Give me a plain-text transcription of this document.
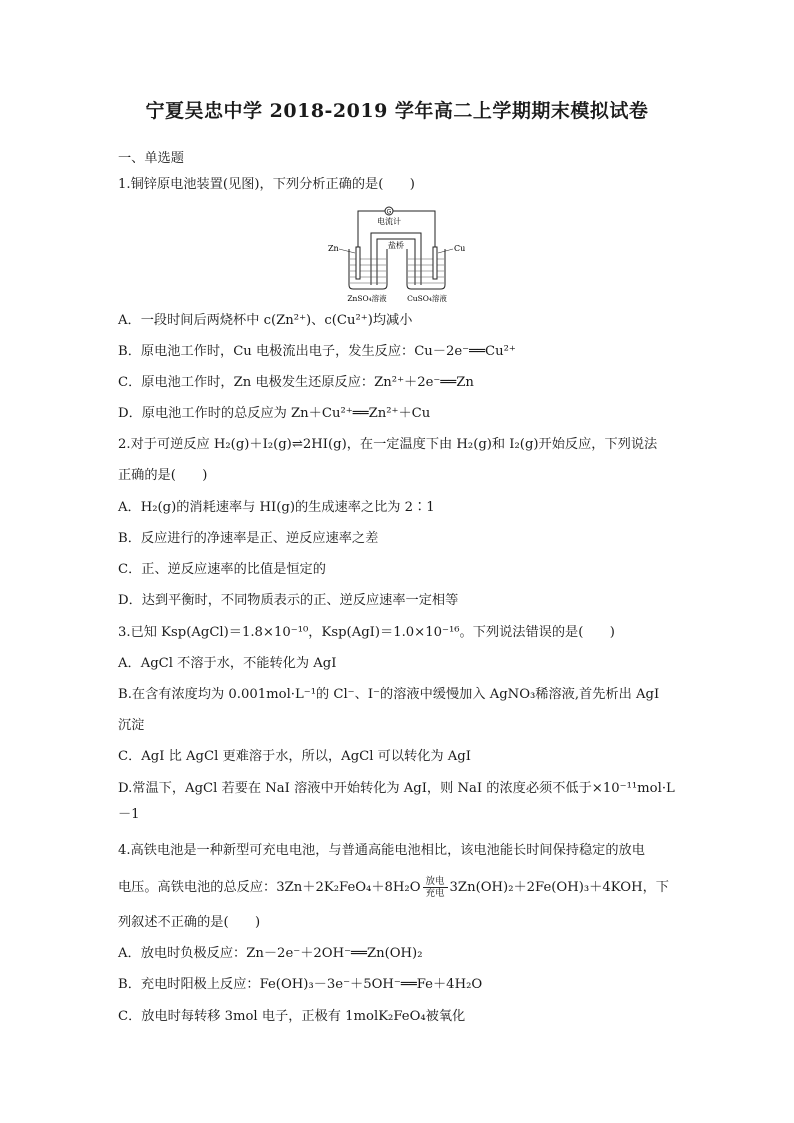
宁夏吴忠中学 2018-2019 学年高二上学期期末模拟试卷
一、单选题
1.铜锌原电池装置(见图)，下列分析正确的是(　　)
G
电流计
盐桥
Zn	Cu
ZnSO₄溶液	CuSO₄溶液
A．一段时间后两烧杯中 c(Zn²⁺)、c(Cu²⁺)均减小
B．原电池工作时，Cu 电极流出电子，发生反应：Cu－2e⁻══Cu²⁺
C．原电池工作时，Zn 电极发生还原反应：Zn²⁺＋2e⁻══Zn
D．原电池工作时的总反应为 Zn＋Cu²⁺══Zn²⁺＋Cu
2.对于可逆反应 H₂(g)＋I₂(g)⇌2HI(g)，在一定温度下由 H₂(g)和 I₂(g)开始反应，下列说法
正确的是(　　)
A．H₂(g)的消耗速率与 HI(g)的生成速率之比为 2∶1
B．反应进行的净速率是正、逆反应速率之差
C．正、逆反应速率的比值是恒定的
D．达到平衡时，不同物质表示的正、逆反应速率一定相等
3.已知 Ksp(AgCl)＝1.8×10⁻¹⁰，Ksp(AgI)＝1.0×10⁻¹⁶。下列说法错误的是(　　)
A．AgCl 不溶于水，不能转化为 AgI
B.在含有浓度均为 0.001mol·L⁻¹的 Cl⁻、I⁻的溶液中缓慢加入 AgNO₃稀溶液,首先析出 AgI
沉淀
C．AgI 比 AgCl 更难溶于水，所以，AgCl 可以转化为 AgI
D.常温下，AgCl 若要在 NaI 溶液中开始转化为 AgI，则 NaI 的浓度必须不低于×10⁻¹¹mol·L
－1
4.高铁电池是一种新型可充电电池，与普通高能电池相比，该电池能长时间保持稳定的放电
电压。高铁电池的总反应：$3Zn+2K_2FeO_4+8H_2O \frac{\text{放电}}{\text{充电}} 3Zn(OH)_2+2Fe(OH)_3+4KOH$，下
列叙述不正确的是(　　)
A．放电时负极反应：Zn－2e⁻＋2OH⁻══Zn(OH)₂
B．充电时阳极上反应：Fe(OH)₃－3e⁻＋5OH⁻══Fe＋4H₂O
C．放电时每转移 3mol 电子，正极有 1molK₂FeO₄被氧化
